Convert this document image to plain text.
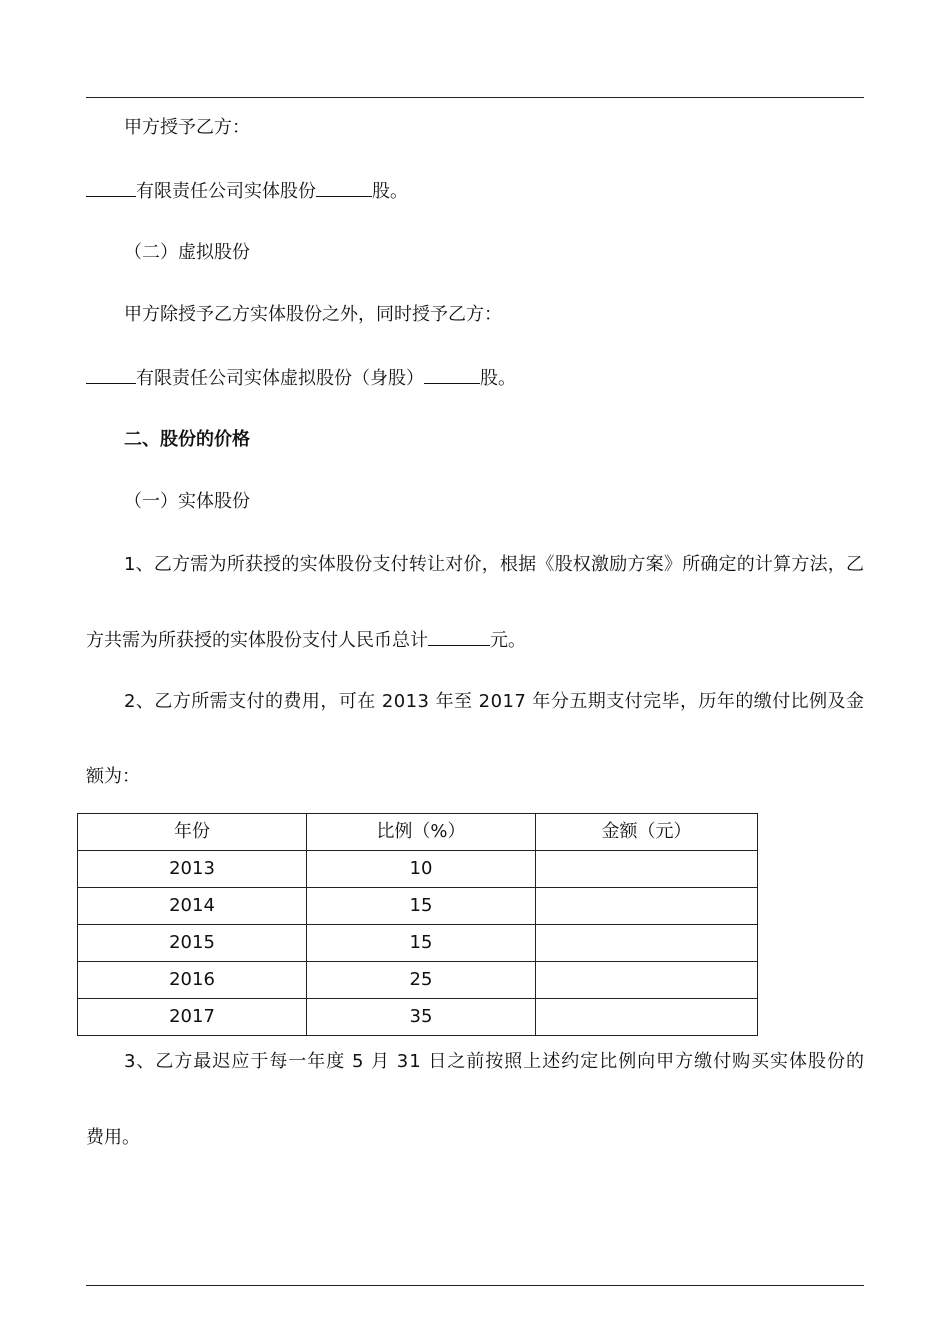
甲方授予乙方：
有限责任公司实体股份	股。
（二）虚拟股份
甲方除授予乙方实体股份之外，同时授予乙方：
有限责任公司实体虚拟股份（身股）	股。
二、股份的价格
（一）实体股份
1、乙方需为所获授的实体股份支付转让对价，根据《股权激励方案》所确定的计算方法，乙
方共需为所获授的实体股份支付人民币总计	元。
2、乙方所需支付的费用，可在 2013 年至 2017 年分五期支付完毕，历年的缴付比例及金
额为：
年份	比例（%）	金额（元）
2013	10	
2014	15	
2015	15	
2016	25	
2017	35	
3、乙方最迟应于每一年度 5 月 31 日之前按照上述约定比例向甲方缴付购买实体股份的
费用。
